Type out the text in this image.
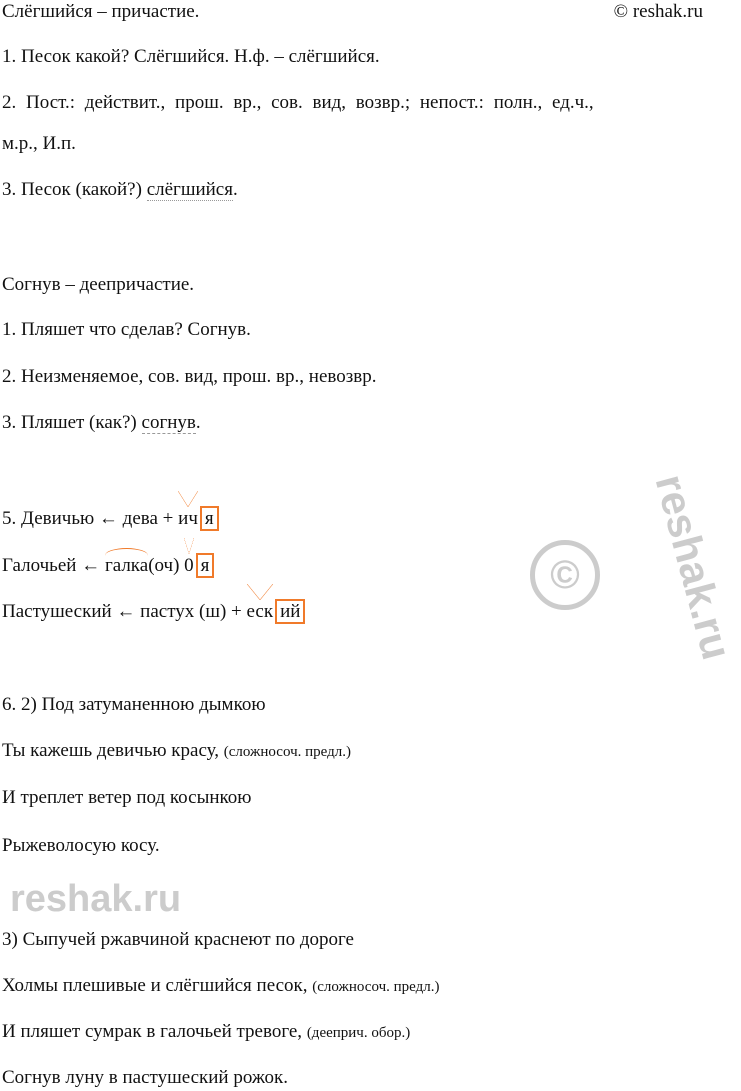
reshak.ru
©
reshak.ru
Слёгшийся – причастие.	© reshak.ru
1. Песок какой? Слёгшийся. Н.ф. – слёгшийся.
2. Пост.: действит., прош. вр., сов. вид, возвр.; непост.: полн., ед.ч.,
м.р., И.п.
3. Песок (какой?) слёгшийся.
Согнув – деепричастие.
1. Пляшет что сделав? Согнув.
2. Неизменяемое, сов. вид, прош. вр., невозвр.
3. Пляшет (как?) согнув.
5. Девичью ← дева + ич я
Галочьей ← галка(оч) 0 я
Пастушеский ← пастух (ш) + еск ий
6. 2) Под затуманенною дымкою
Ты кажешь девичью красу, (сложносоч. предл.)
И треплет ветер под косынкою
Рыжеволосую косу.
3) Сыпучей ржавчиной краснеют по дороге
Холмы плешивые и слёгшийся песок, (сложносоч. предл.)
И пляшет сумрак в галочьей тревоге, (дееприч. обор.)
Согнув луну в пастушеский рожок.
